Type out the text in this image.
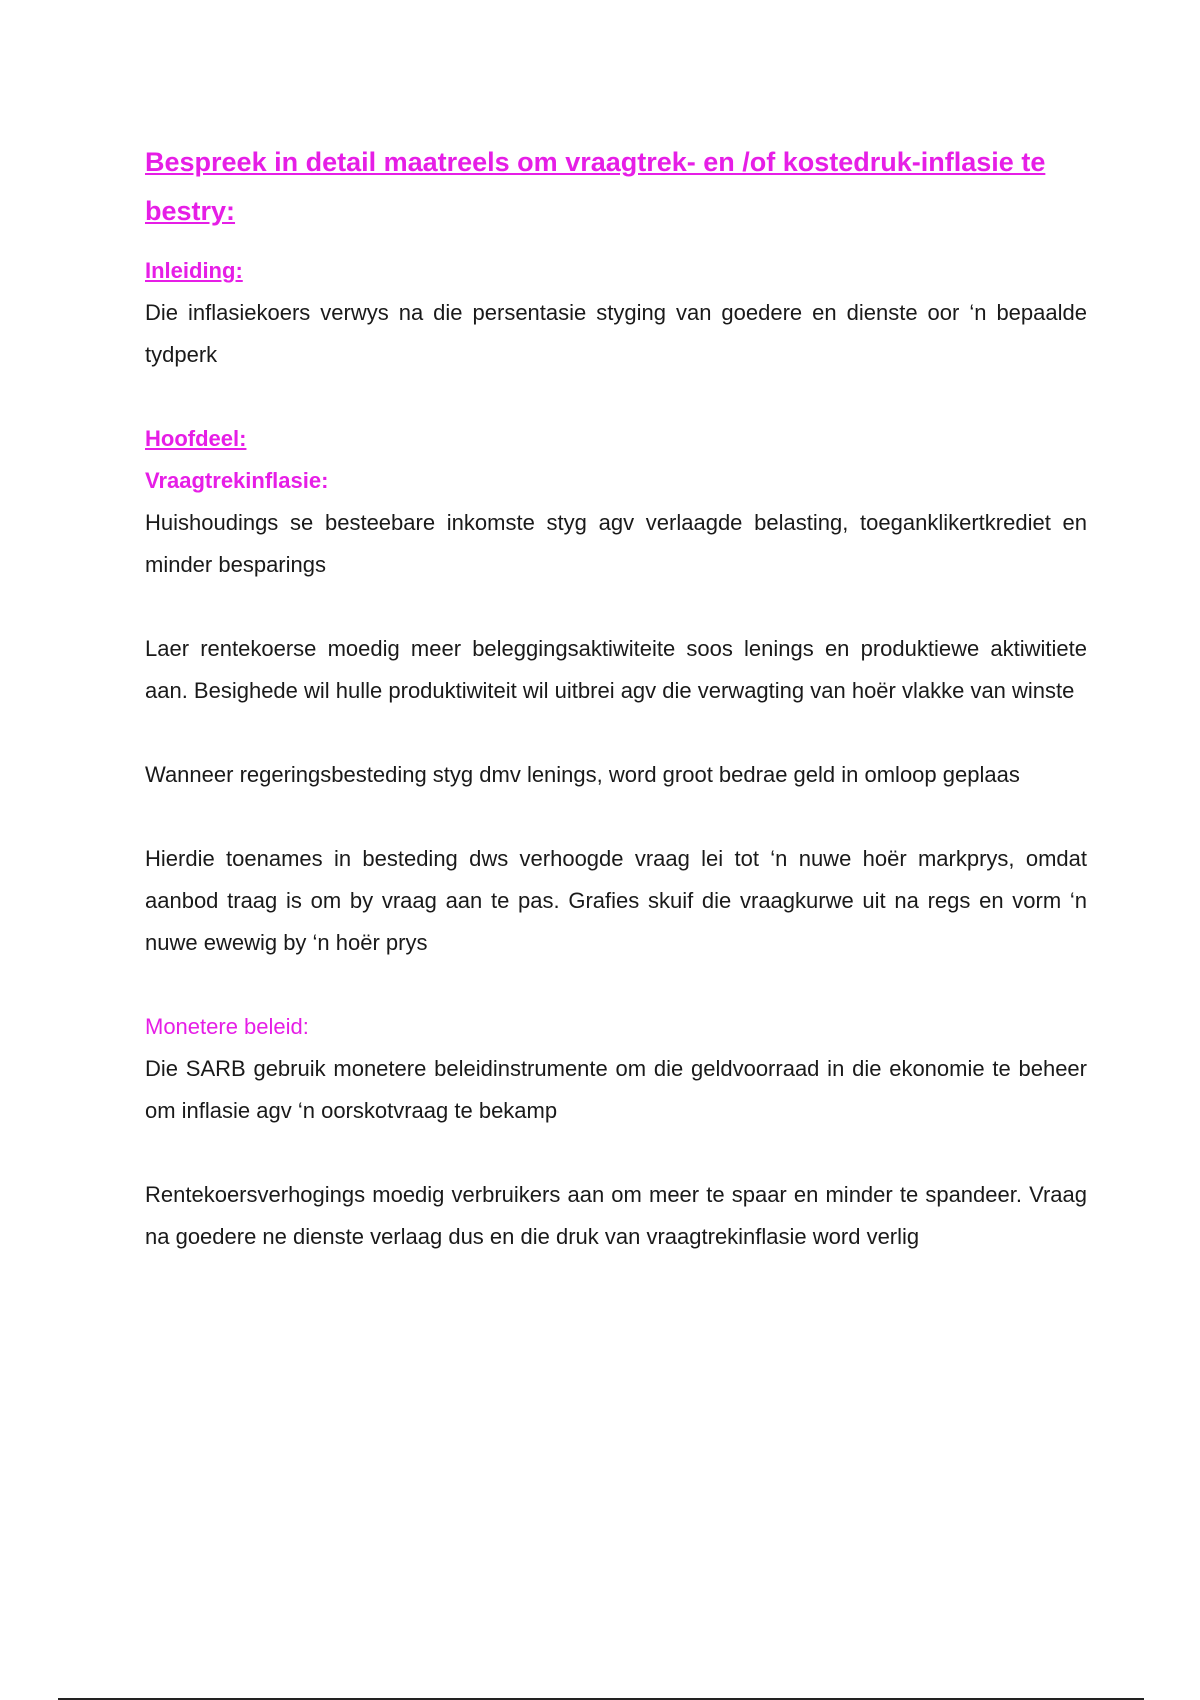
Bespreek in detail maatreels om vraagtrek- en /of kostedruk-inflasie te bestry:
Inleiding:

Die inflasiekoers verwys na die persentasie styging van goedere en dienste oor ‘n bepaalde tydperk

Hoofdeel:
Vraagtrekinflasie:

Huishoudings se besteebare inkomste styg agv verlaagde belasting, toeganklikertkrediet en minder besparings

Laer rentekoerse moedig meer beleggingsaktiwiteite soos lenings en produktiewe aktiwitiete aan. Besighede wil hulle produktiwiteit wil uitbrei agv die verwagting van hoër vlakke van winste

Wanneer regeringsbesteding styg dmv lenings, word groot bedrae geld in omloop geplaas

Hierdie toenames in besteding dws verhoogde vraag lei tot ‘n nuwe hoër markprys, omdat aanbod traag is om by vraag aan te pas. Grafies skuif die vraagkurwe uit na regs en vorm ‘n nuwe ewewig by ‘n hoër prys

Monetere beleid:

Die SARB gebruik monetere beleidinstrumente om die geldvoorraad in die ekonomie te beheer om inflasie agv ‘n oorskotvraag te bekamp

Rentekoersverhogings moedig verbruikers aan om meer te spaar en minder te spandeer. Vraag na goedere ne dienste verlaag dus en die druk van vraagtrekinflasie word verlig
